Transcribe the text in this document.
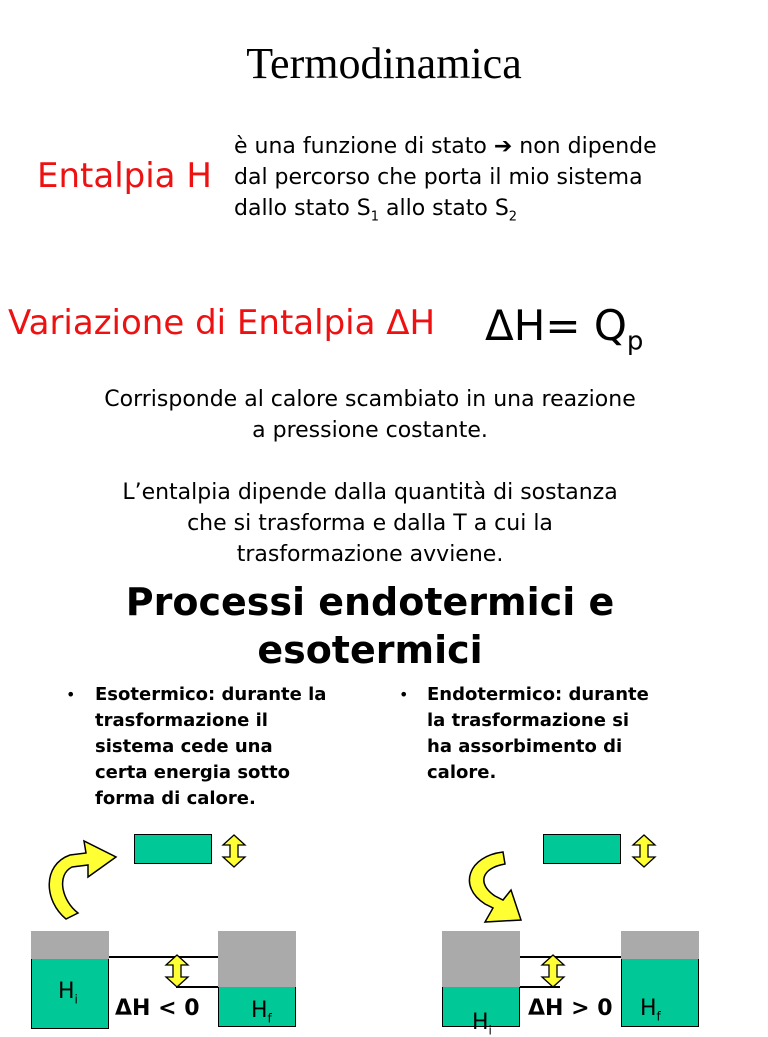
Termodinamica
Entalpia H
è una funzione di stato ➔ non dipende
dal percorso che porta il mio sistema
dallo stato $S_1$ allo stato $S_2$
Variazione di Entalpia ΔH $\Delta H= Q_p$
Corrisponde al calore scambiato in una reazione
a pressione costante.
L’entalpia dipende dalla quantità di sostanza
che si trasforma e dalla T a cui la
trasformazione avviene.
Processi endotermici e
esotermici
• Esotermico: durante la
trasformazione il
sistema cede una
certa energia sotto
forma di calore.
• Endotermico: durante
la trasformazione si
ha assorbimento di
calore.
$H_i$	$H_f$
ΔH < 0
$H_i$
$H_f$
ΔH > 0
